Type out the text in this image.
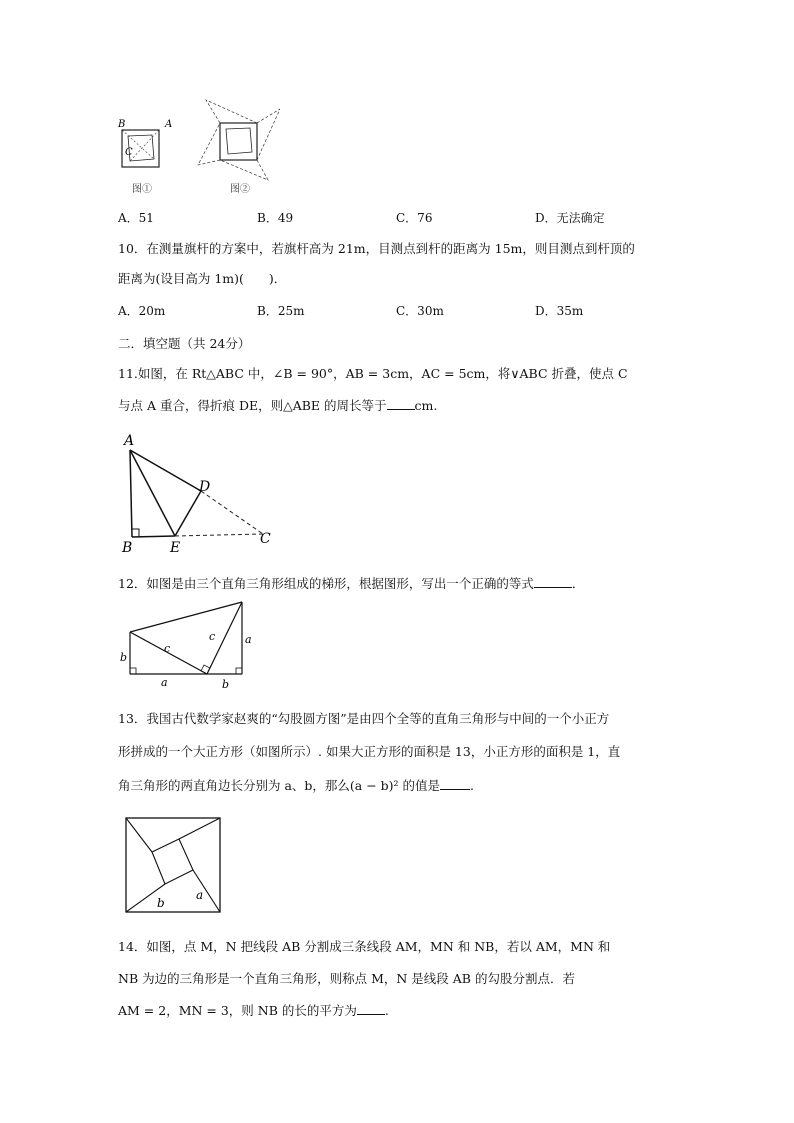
B	A
C
图①	图②
A．51	B．49	C．76	D．无法确定
10．在测量旗杆的方案中，若旗杆高为 21m，目测点到杆的距离为 15m，则目测点到杆顶的
距离为(设目高为 1m)(　　)．
A．20m	B．25m	C．30m	D．35m
二．填空题（共 24分）
11.如图，在 Rt△ABC 中，∠B = 90°，AB = 3cm，AC = 5cm，将∨ABC 折叠，使点 C
与点 A 重合，得折痕 DE，则△ABE 的周长等于 cm.
A
B	E
D
C
12．如图是由三个直角三角形组成的梯形，根据图形，写出一个正确的等式	．
b
c
c	a
a	b
13．我国古代数学家赵爽的“勾股圆方图”是由四个全等的直角三角形与中间的一个小正方
形拼成的一个大正方形（如图所示）. 如果大正方形的面积是 13，小正方形的面积是 1，直
角三角形的两直角边长分别为 a、b，那么(a − b)² 的值是 .
a
b
14．如图，点 M，N 把线段 AB 分割成三条线段 AM，MN 和 NB，若以 AM，MN 和
NB 为边的三角形是一个直角三角形，则称点 M，N 是线段 AB 的勾股分割点．若
AM = 2，MN = 3，则 NB 的长的平方为 .
